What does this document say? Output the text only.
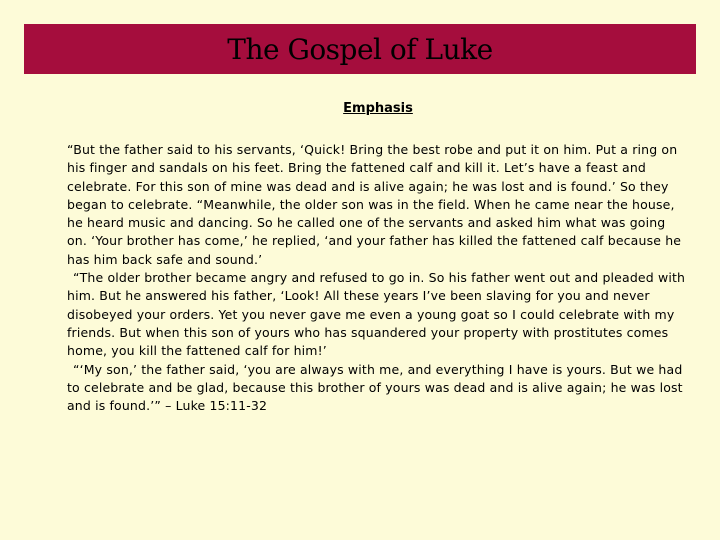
The Gospel of Luke
Emphasis

“But the father said to his servants, ‘Quick! Bring the best robe and put it on him. Put a ring on his finger and sandals on his feet. Bring the fattened calf and kill it. Let’s have a feast and celebrate. For this son of mine was dead and is alive again; he was lost and is found.’ So they began to celebrate. “Meanwhile, the older son was in the field. When he came near the house, he heard music and dancing. So he called one of the servants and asked him what was going on. ‘Your brother has come,’ he replied, ‘and your father has killed the fattened calf because he has him back safe and sound.’

“The older brother became angry and refused to go in. So his father went out and pleaded with him. But he answered his father, ‘Look! All these years I’ve been slaving for you and never disobeyed your orders. Yet you never gave me even a young goat so I could celebrate with my friends. But when this son of yours who has squandered your property with prostitutes comes home, you kill the fattened calf for him!’

“‘My son,’ the father said, ‘you are always with me, and everything I have is yours. But we had to celebrate and be glad, because this brother of yours was dead and is alive again; he was lost and is found.’” – Luke 15:11-32
